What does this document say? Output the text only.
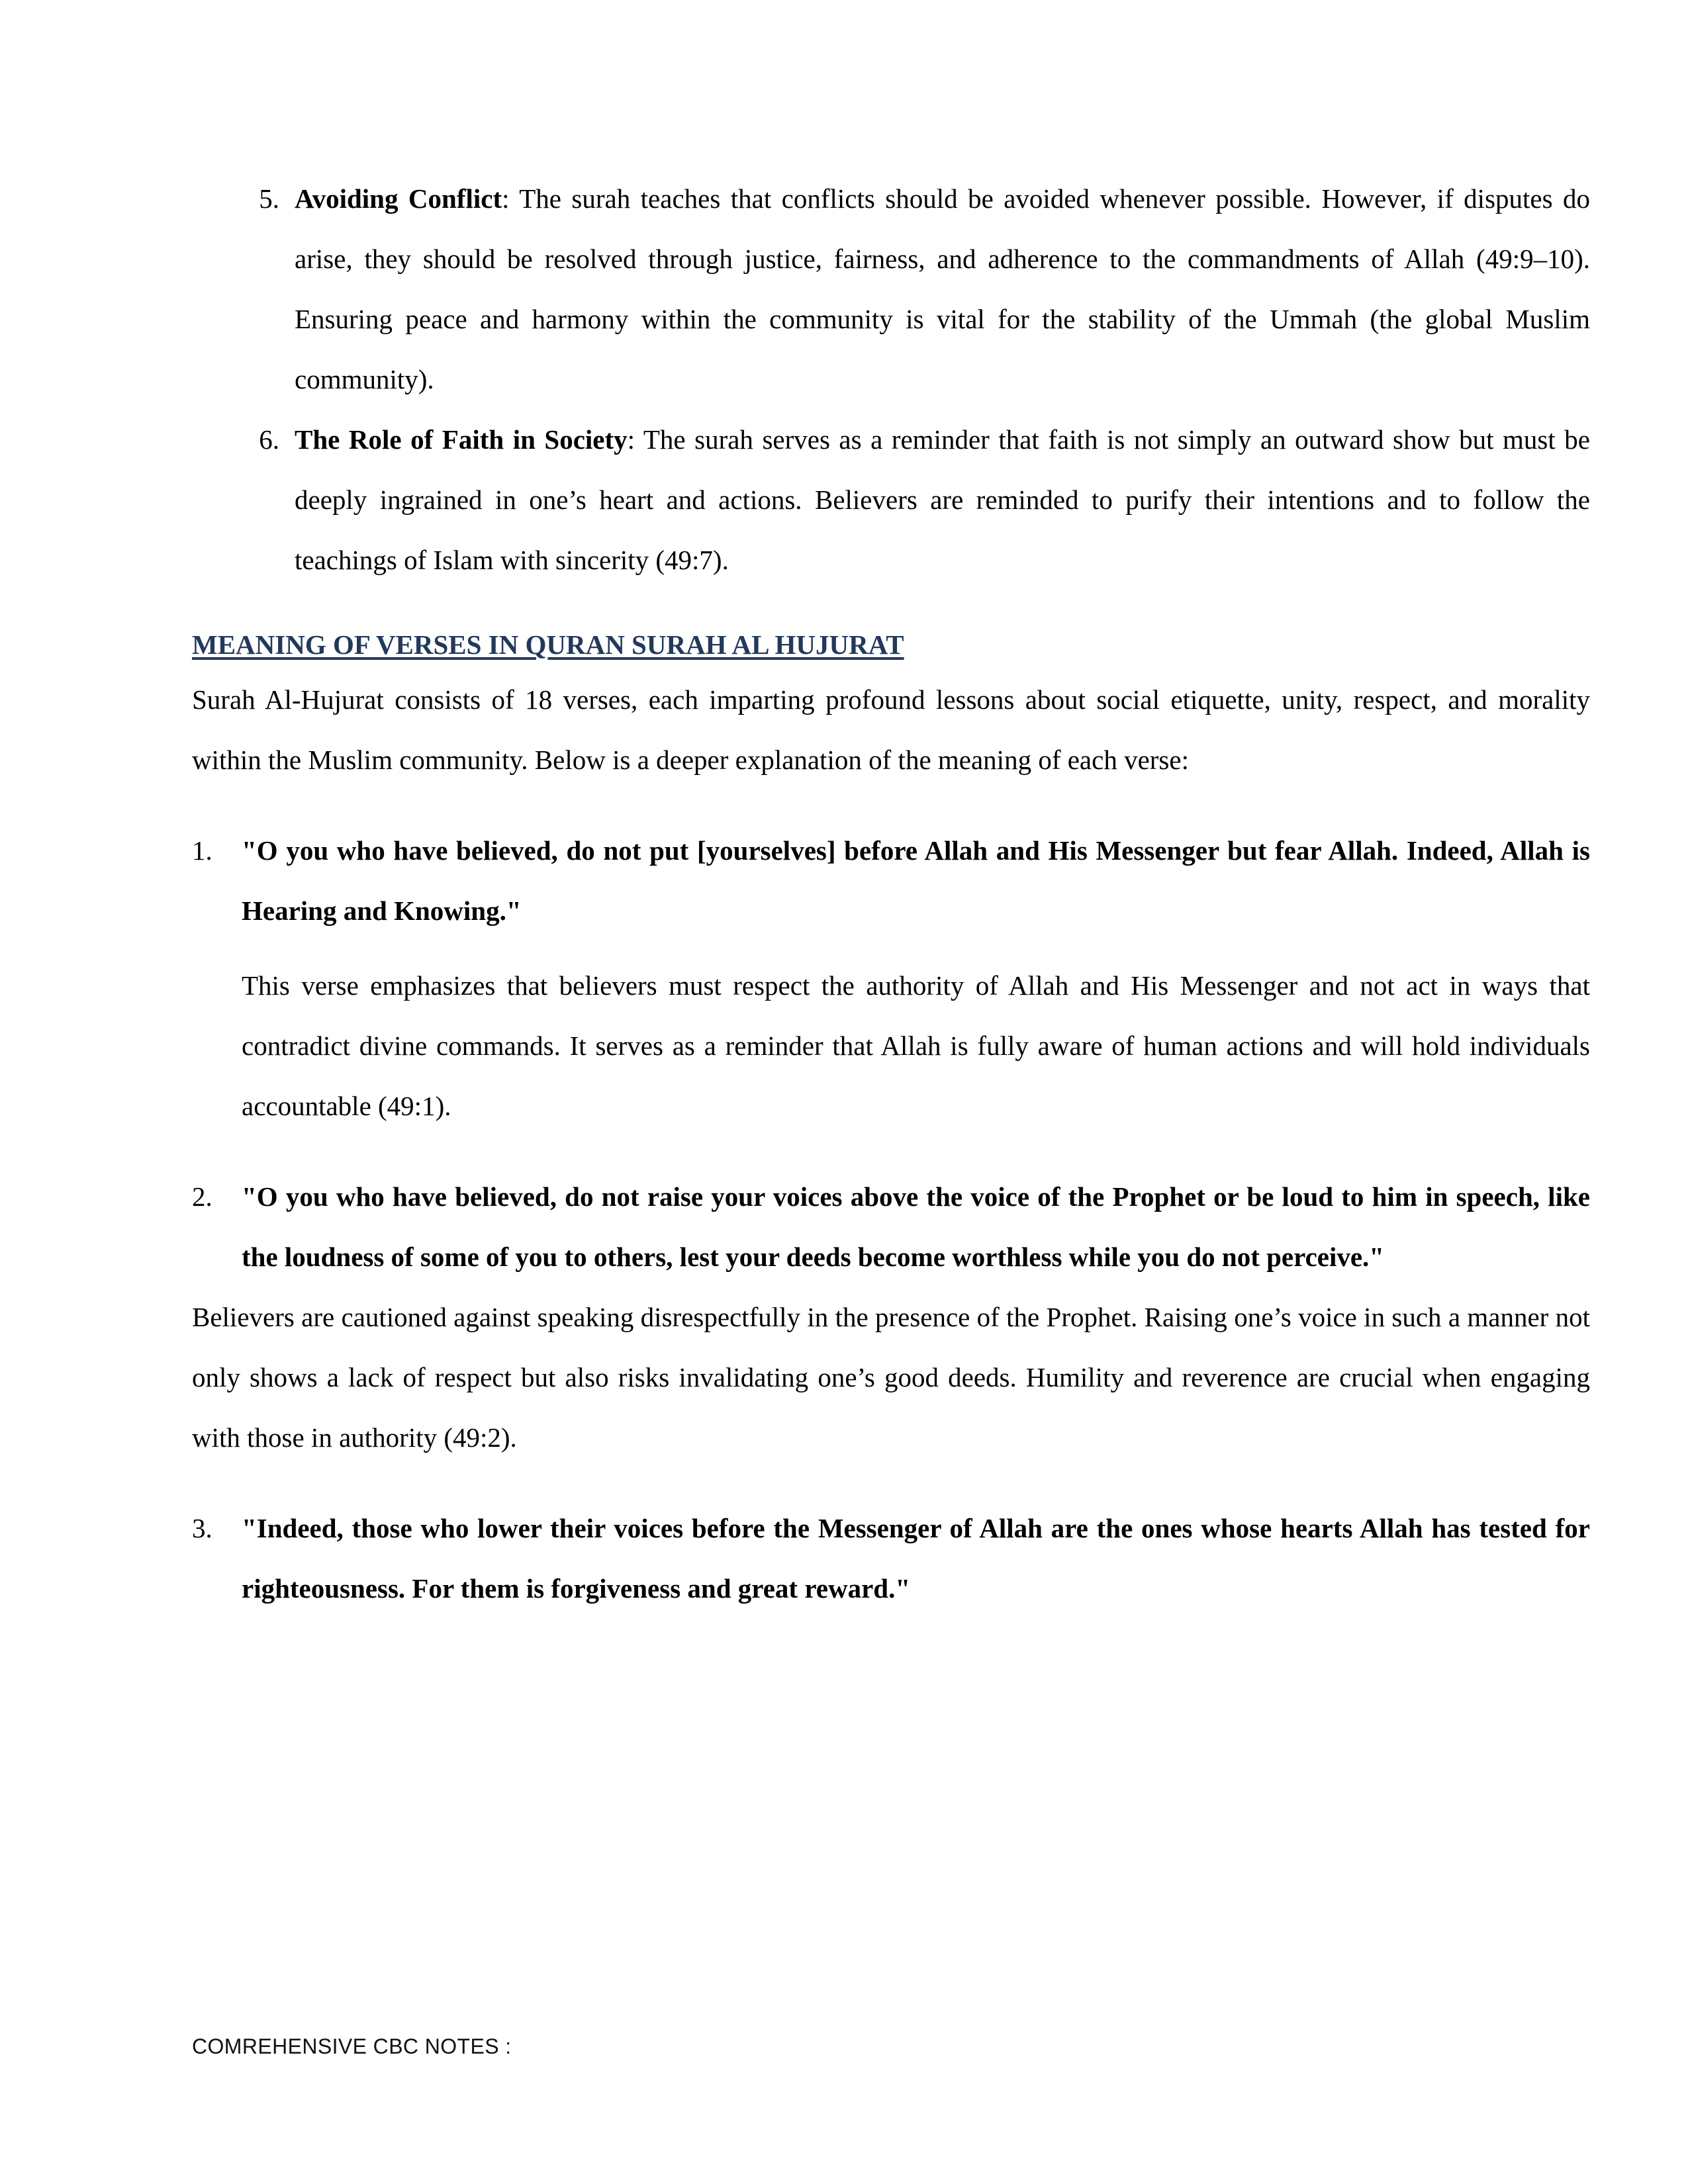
5. Avoiding Conflict: The surah teaches that conflicts should be avoided whenever possible. However, if disputes do arise, they should be resolved through justice, fairness, and adherence to the commandments of Allah (49:9–10). Ensuring peace and harmony within the community is vital for the stability of the Ummah (the global Muslim community).
6. The Role of Faith in Society: The surah serves as a reminder that faith is not simply an outward show but must be deeply ingrained in one’s heart and actions. Believers are reminded to purify their intentions and to follow the teachings of Islam with sincerity (49:7).
MEANING OF VERSES IN QURAN SURAH AL HUJURAT

Surah Al-Hujurat consists of 18 verses, each imparting profound lessons about social etiquette, unity, respect, and morality within the Muslim community. Below is a deeper explanation of the meaning of each verse:

1.	"O you who have believed, do not put [yourselves] before Allah and His Messenger but fear Allah. Indeed, Allah is Hearing and Knowing."
This verse emphasizes that believers must respect the authority of Allah and His Messenger and not act in ways that contradict divine commands. It serves as a reminder that Allah is fully aware of human actions and will hold individuals accountable (49:1).
2.	"O you who have believed, do not raise your voices above the voice of the Prophet or be loud to him in speech, like the loudness of some of you to others, lest your deeds become worthless while you do not perceive."

Believers are cautioned against speaking disrespectfully in the presence of the Prophet. Raising one’s voice in such a manner not only shows a lack of respect but also risks invalidating one’s good deeds. Humility and reverence are crucial when engaging with those in authority (49:2).

3.	"Indeed, those who lower their voices before the Messenger of Allah are the ones whose hearts Allah has tested for righteousness. For them is forgiveness and great reward."
COMREHENSIVE CBC NOTES :
